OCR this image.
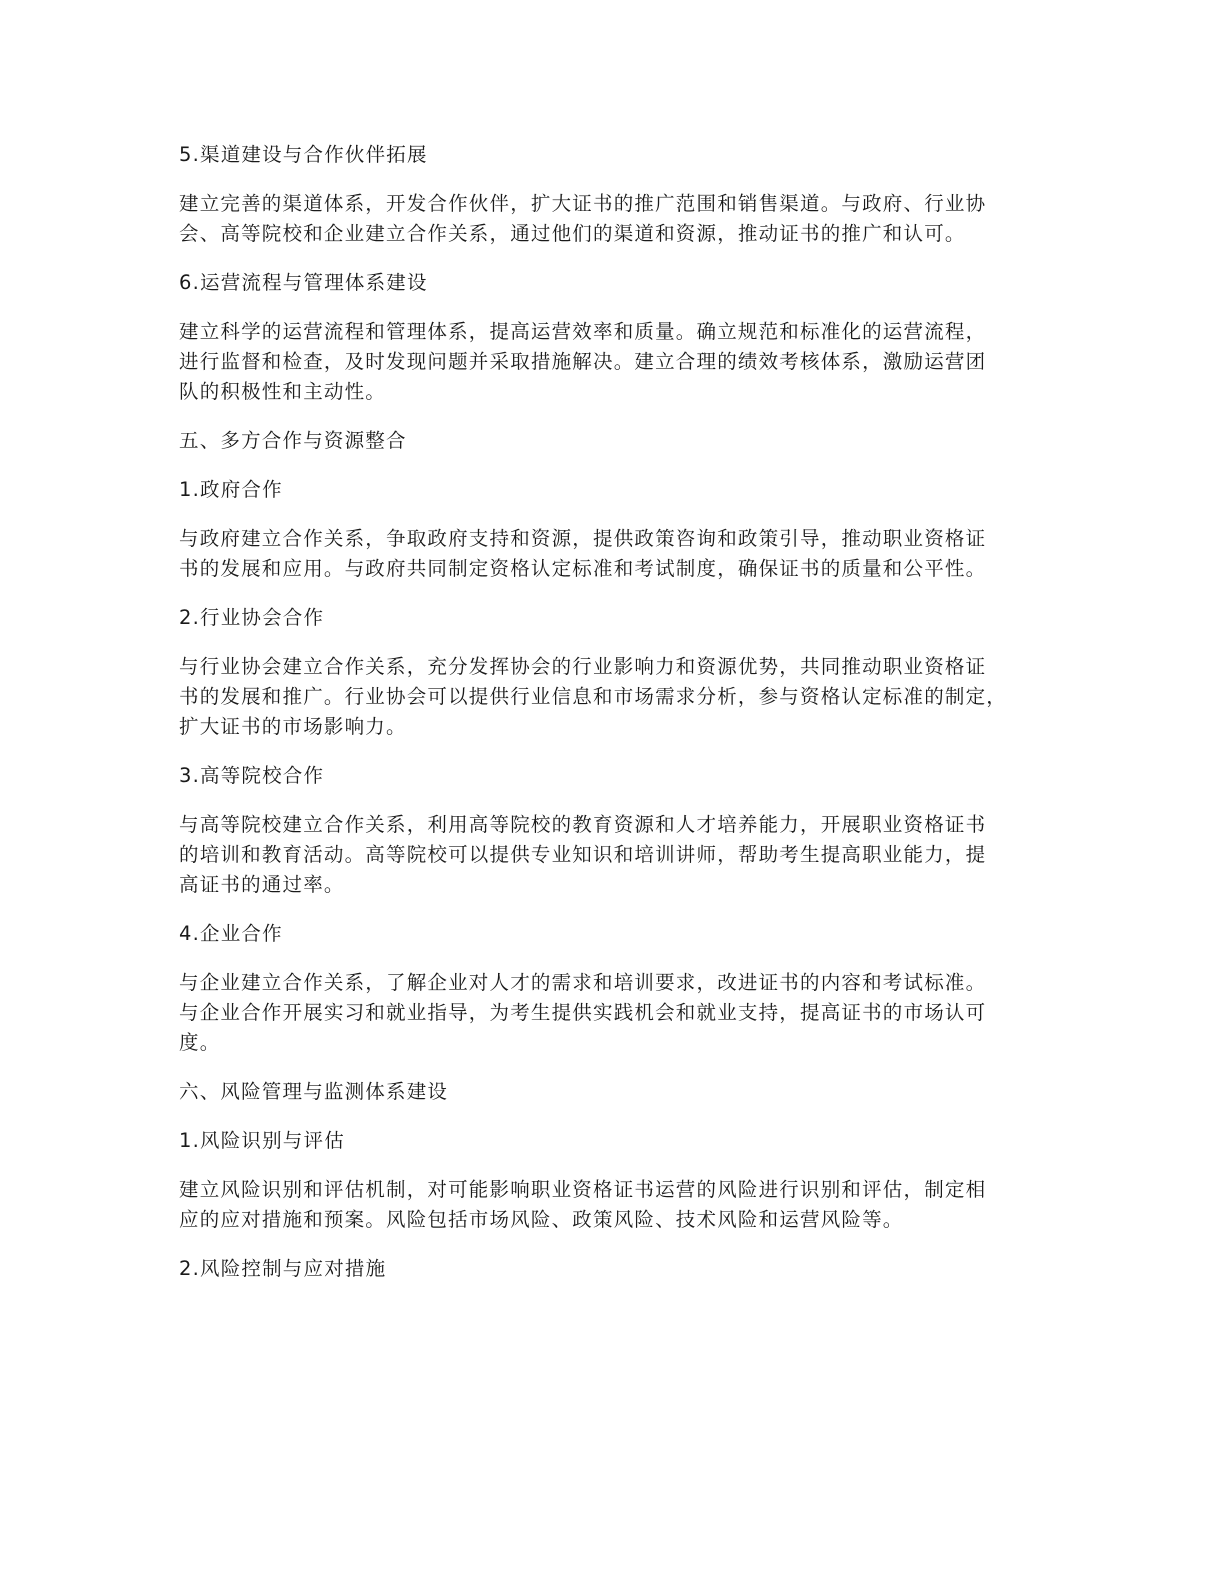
5.渠道建设与合作伙伴拓展
建立完善的渠道体系，开发合作伙伴，扩大证书的推广范围和销售渠道。与政府、行业协
会、高等院校和企业建立合作关系，通过他们的渠道和资源，推动证书的推广和认可。
6.运营流程与管理体系建设
建立科学的运营流程和管理体系，提高运营效率和质量。确立规范和标准化的运营流程，
进行监督和检查，及时发现问题并采取措施解决。建立合理的绩效考核体系，激励运营团
队的积极性和主动性。
五、多方合作与资源整合
1.政府合作
与政府建立合作关系，争取政府支持和资源，提供政策咨询和政策引导，推动职业资格证
书的发展和应用。与政府共同制定资格认定标准和考试制度，确保证书的质量和公平性。
2.行业协会合作
与行业协会建立合作关系，充分发挥协会的行业影响力和资源优势，共同推动职业资格证
书的发展和推广。行业协会可以提供行业信息和市场需求分析，参与资格认定标准的制定，
扩大证书的市场影响力。
3.高等院校合作
与高等院校建立合作关系，利用高等院校的教育资源和人才培养能力，开展职业资格证书
的培训和教育活动。高等院校可以提供专业知识和培训讲师，帮助考生提高职业能力，提
高证书的通过率。
4.企业合作
与企业建立合作关系，了解企业对人才的需求和培训要求，改进证书的内容和考试标准。
与企业合作开展实习和就业指导，为考生提供实践机会和就业支持，提高证书的市场认可
度。
六、风险管理与监测体系建设
1.风险识别与评估
建立风险识别和评估机制，对可能影响职业资格证书运营的风险进行识别和评估，制定相
应的应对措施和预案。风险包括市场风险、政策风险、技术风险和运营风险等。
2.风险控制与应对措施
